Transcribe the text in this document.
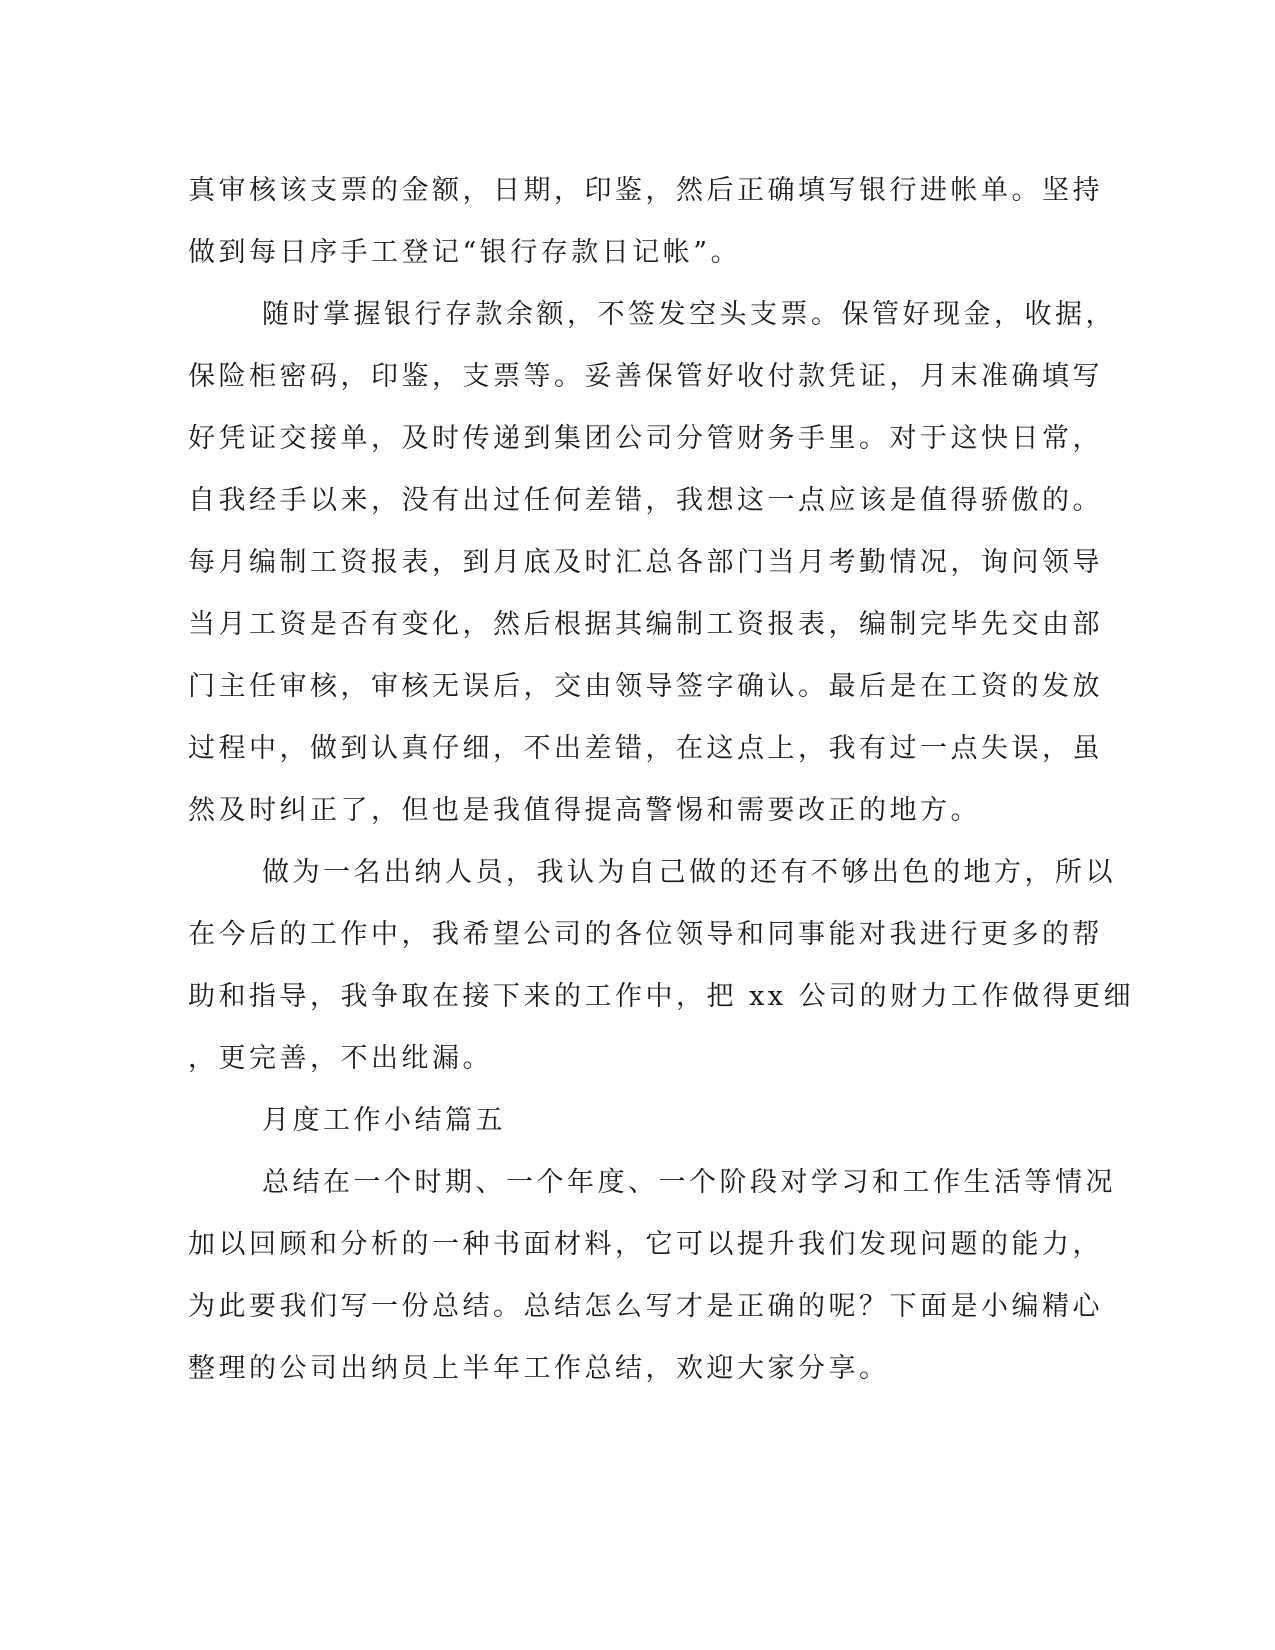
真审核该支票的金额，日期，印鉴，然后正确填写银行进帐单。坚持
做到每日序手工登记“银行存款日记帐”。
随时掌握银行存款余额，不签发空头支票。保管好现金，收据，
保险柜密码，印鉴，支票等。妥善保管好收付款凭证，月末准确填写
好凭证交接单，及时传递到集团公司分管财务手里。对于这快日常，
自我经手以来，没有出过任何差错，我想这一点应该是值得骄傲的。
每月编制工资报表，到月底及时汇总各部门当月考勤情况，询问领导
当月工资是否有变化，然后根据其编制工资报表，编制完毕先交由部
门主任审核，审核无误后，交由领导签字确认。最后是在工资的发放
过程中，做到认真仔细，不出差错，在这点上，我有过一点失误，虽
然及时纠正了，但也是我值得提高警惕和需要改正的地方。
做为一名出纳人员，我认为自己做的还有不够出色的地方，所以
在今后的工作中，我希望公司的各位领导和同事能对我进行更多的帮
助和指导，我争取在接下来的工作中，把 xx 公司的财力工作做得更细
，更完善，不出纰漏。
月度工作小结篇五
总结在一个时期、一个年度、一个阶段对学习和工作生活等情况
加以回顾和分析的一种书面材料，它可以提升我们发现问题的能力，
为此要我们写一份总结。总结怎么写才是正确的呢？下面是小编精心
整理的公司出纳员上半年工作总结，欢迎大家分享。
